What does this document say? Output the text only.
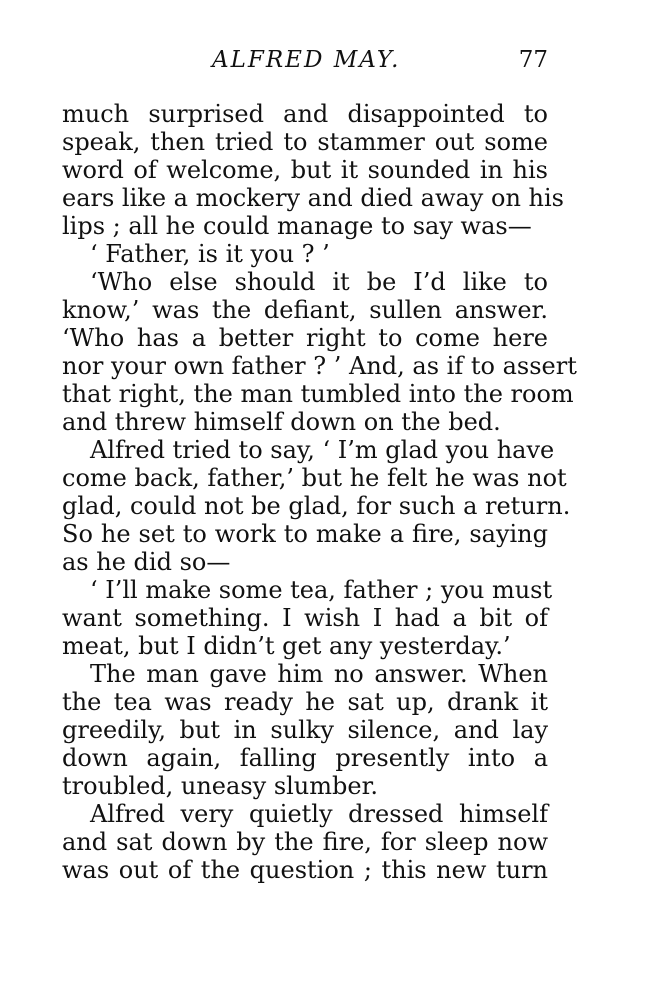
ALFRED MAY.	77
much surprised and disappointed to
speak, then tried to stammer out some
word of welcome, but it sounded in his
ears like a mockery and died away on his
lips ; all he could manage to say was—
‘ Father, is it you ? ’
‘Who else should it be I’d like to
know,’ was the defiant, sullen answer.
‘Who has a better right to come here
nor your own father ? ’ And, as if to assert
that right, the man tumbled into the room
and threw himself down on the bed.
Alfred tried to say, ‘ I’m glad you have
come back, father,’ but he felt he was not
glad, could not be glad, for such a return.
So he set to work to make a fire, saying
as he did so—
‘ I’ll make some tea, father ; you must
want something. I wish I had a bit of
meat, but I didn’t get any yesterday.’
The man gave him no answer. When
the tea was ready he sat up, drank it
greedily, but in sulky silence, and lay
down again, falling presently into a
troubled, uneasy slumber.
Alfred very quietly dressed himself
and sat down by the fire, for sleep now
was out of the question ; this new turn
